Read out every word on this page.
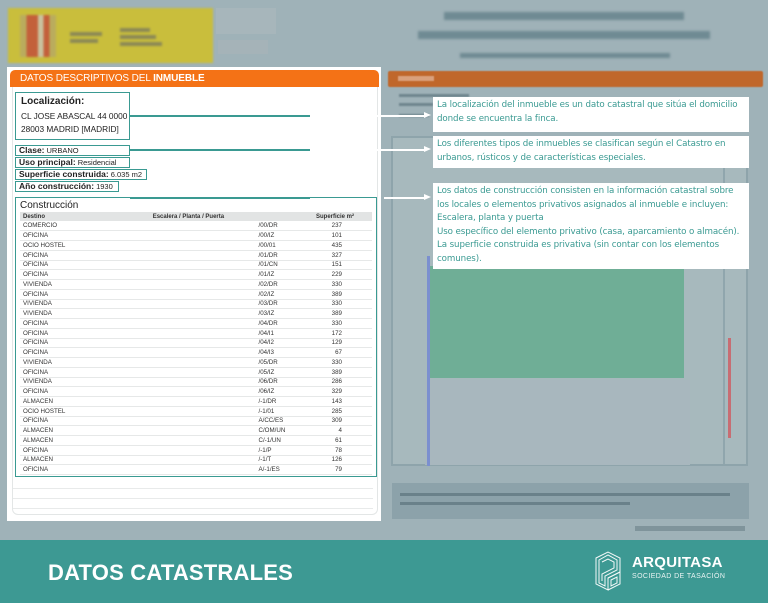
DATOS DESCRIPTIVOS DEL INMUEBLE
Localización:
CL JOSE ABASCAL 44 0000
28003 MADRID [MADRID]
Clase: URBANO
Uso principal: Residencial
Superficie construida: 6.035 m2
Año construcción: 1930
Construcción
Destino	Escalera / Planta / Puerta	Superficie m²
COMERCIO	/00/DR	237
OFICINA	/00/IZ	101
OCIO HOSTEL	/00/01	435
OFICINA	/01/DR	327
OFICINA	/01/CN	151
OFICINA	/01/IZ	229
VIVIENDA	/02/DR	330
OFICINA	/02/IZ	389
VIVIENDA	/03/DR	330
VIVIENDA	/03/IZ	389
OFICINA	/04/DR	330
OFICINA	/04/I1	172
OFICINA	/04/I2	129
OFICINA	/04/I3	67
VIVIENDA	/05/DR	330
OFICINA	/05/IZ	389
VIVIENDA	/06/DR	286
OFICINA	/06/IZ	329
ALMACEN	/-1/DR	143
OCIO HOSTEL	/-1/01	285
OFICINA	A/CC/ES	309
ALMACEN	C/OM/UN	4
ALMACEN	C/-1/UN	61
OFICINA	/-1/P	78
ALMACEN	/-1/T	126
OFICINA	A/-1/ES	79
La localización del inmueble es un dato catastral que sitúa el domicilio donde se encuentra la finca.
Los diferentes tipos de inmuebles se clasifican según el Catastro en urbanos, rústicos y de características especiales.
Los datos de construcción consisten en la información catastral sobre los locales o elementos privativos asignados al inmueble e incluyen: Escalera, planta y puerta
Uso específico del elemento privativo (casa, aparcamiento o almacén). La superficie construida es privativa (sin contar con los elementos comunes).
DATOS CATASTRALES	ARQUITASA
SOCIEDAD DE TASACIÓN
